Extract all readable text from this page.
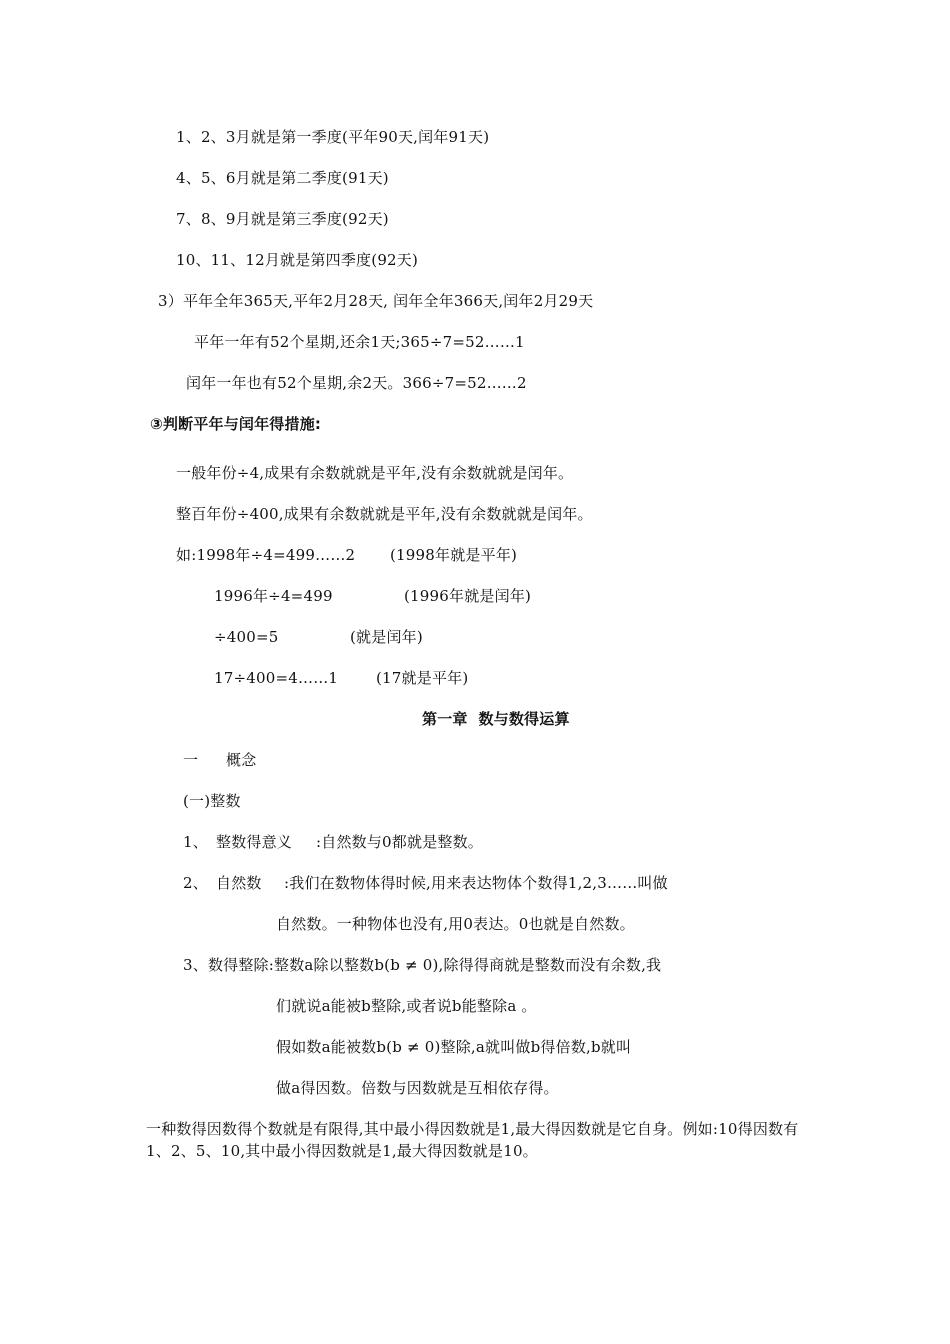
1、2、3月就是第一季度(平年90天,闰年91天)
4、5、6月就是第二季度(91天)
7、8、9月就是第三季度(92天)
10、11、12月就是第四季度(92天)
3）平年全年365天,平年2月28天, 闰年全年366天,闰年2月29天
平年一年有52个星期,还余1天;365÷7=52……1
闰年一年也有52个星期,余2天。366÷7=52……2
③判断平年与闰年得措施:
一般年份÷4,成果有余数就就是平年,没有余数就就是闰年。
整百年份÷400,成果有余数就就是平年,没有余数就就是闰年。
如:1998年÷4=499……2 (1998年就是平年)
1996年÷4=499	(1996年就是闰年)
÷400=5	(就是闰年)
17÷400=4……1	(17就是平年)
第一章  数与数得运算
一 概念
(一)整数
1、 整数得意义 :自然数与0都就是整数。
2、 自然数 :我们在数物体得时候,用来表达物体个数得1,2,3……叫做
自然数。一种物体也没有,用0表达。0也就是自然数。
3、数得整除:整数a除以整数b(b ≠ 0),除得得商就是整数而没有余数,我
们就说a能被b整除,或者说b能整除a 。
假如数a能被数b(b ≠ 0)整除,a就叫做b得倍数,b就叫
做a得因数。倍数与因数就是互相依存得。
一种数得因数得个数就是有限得,其中最小得因数就是1,最大得因数就是它自身。例如:10得因数有1、2、5、10,其中最小得因数就是1,最大得因数就是10。
